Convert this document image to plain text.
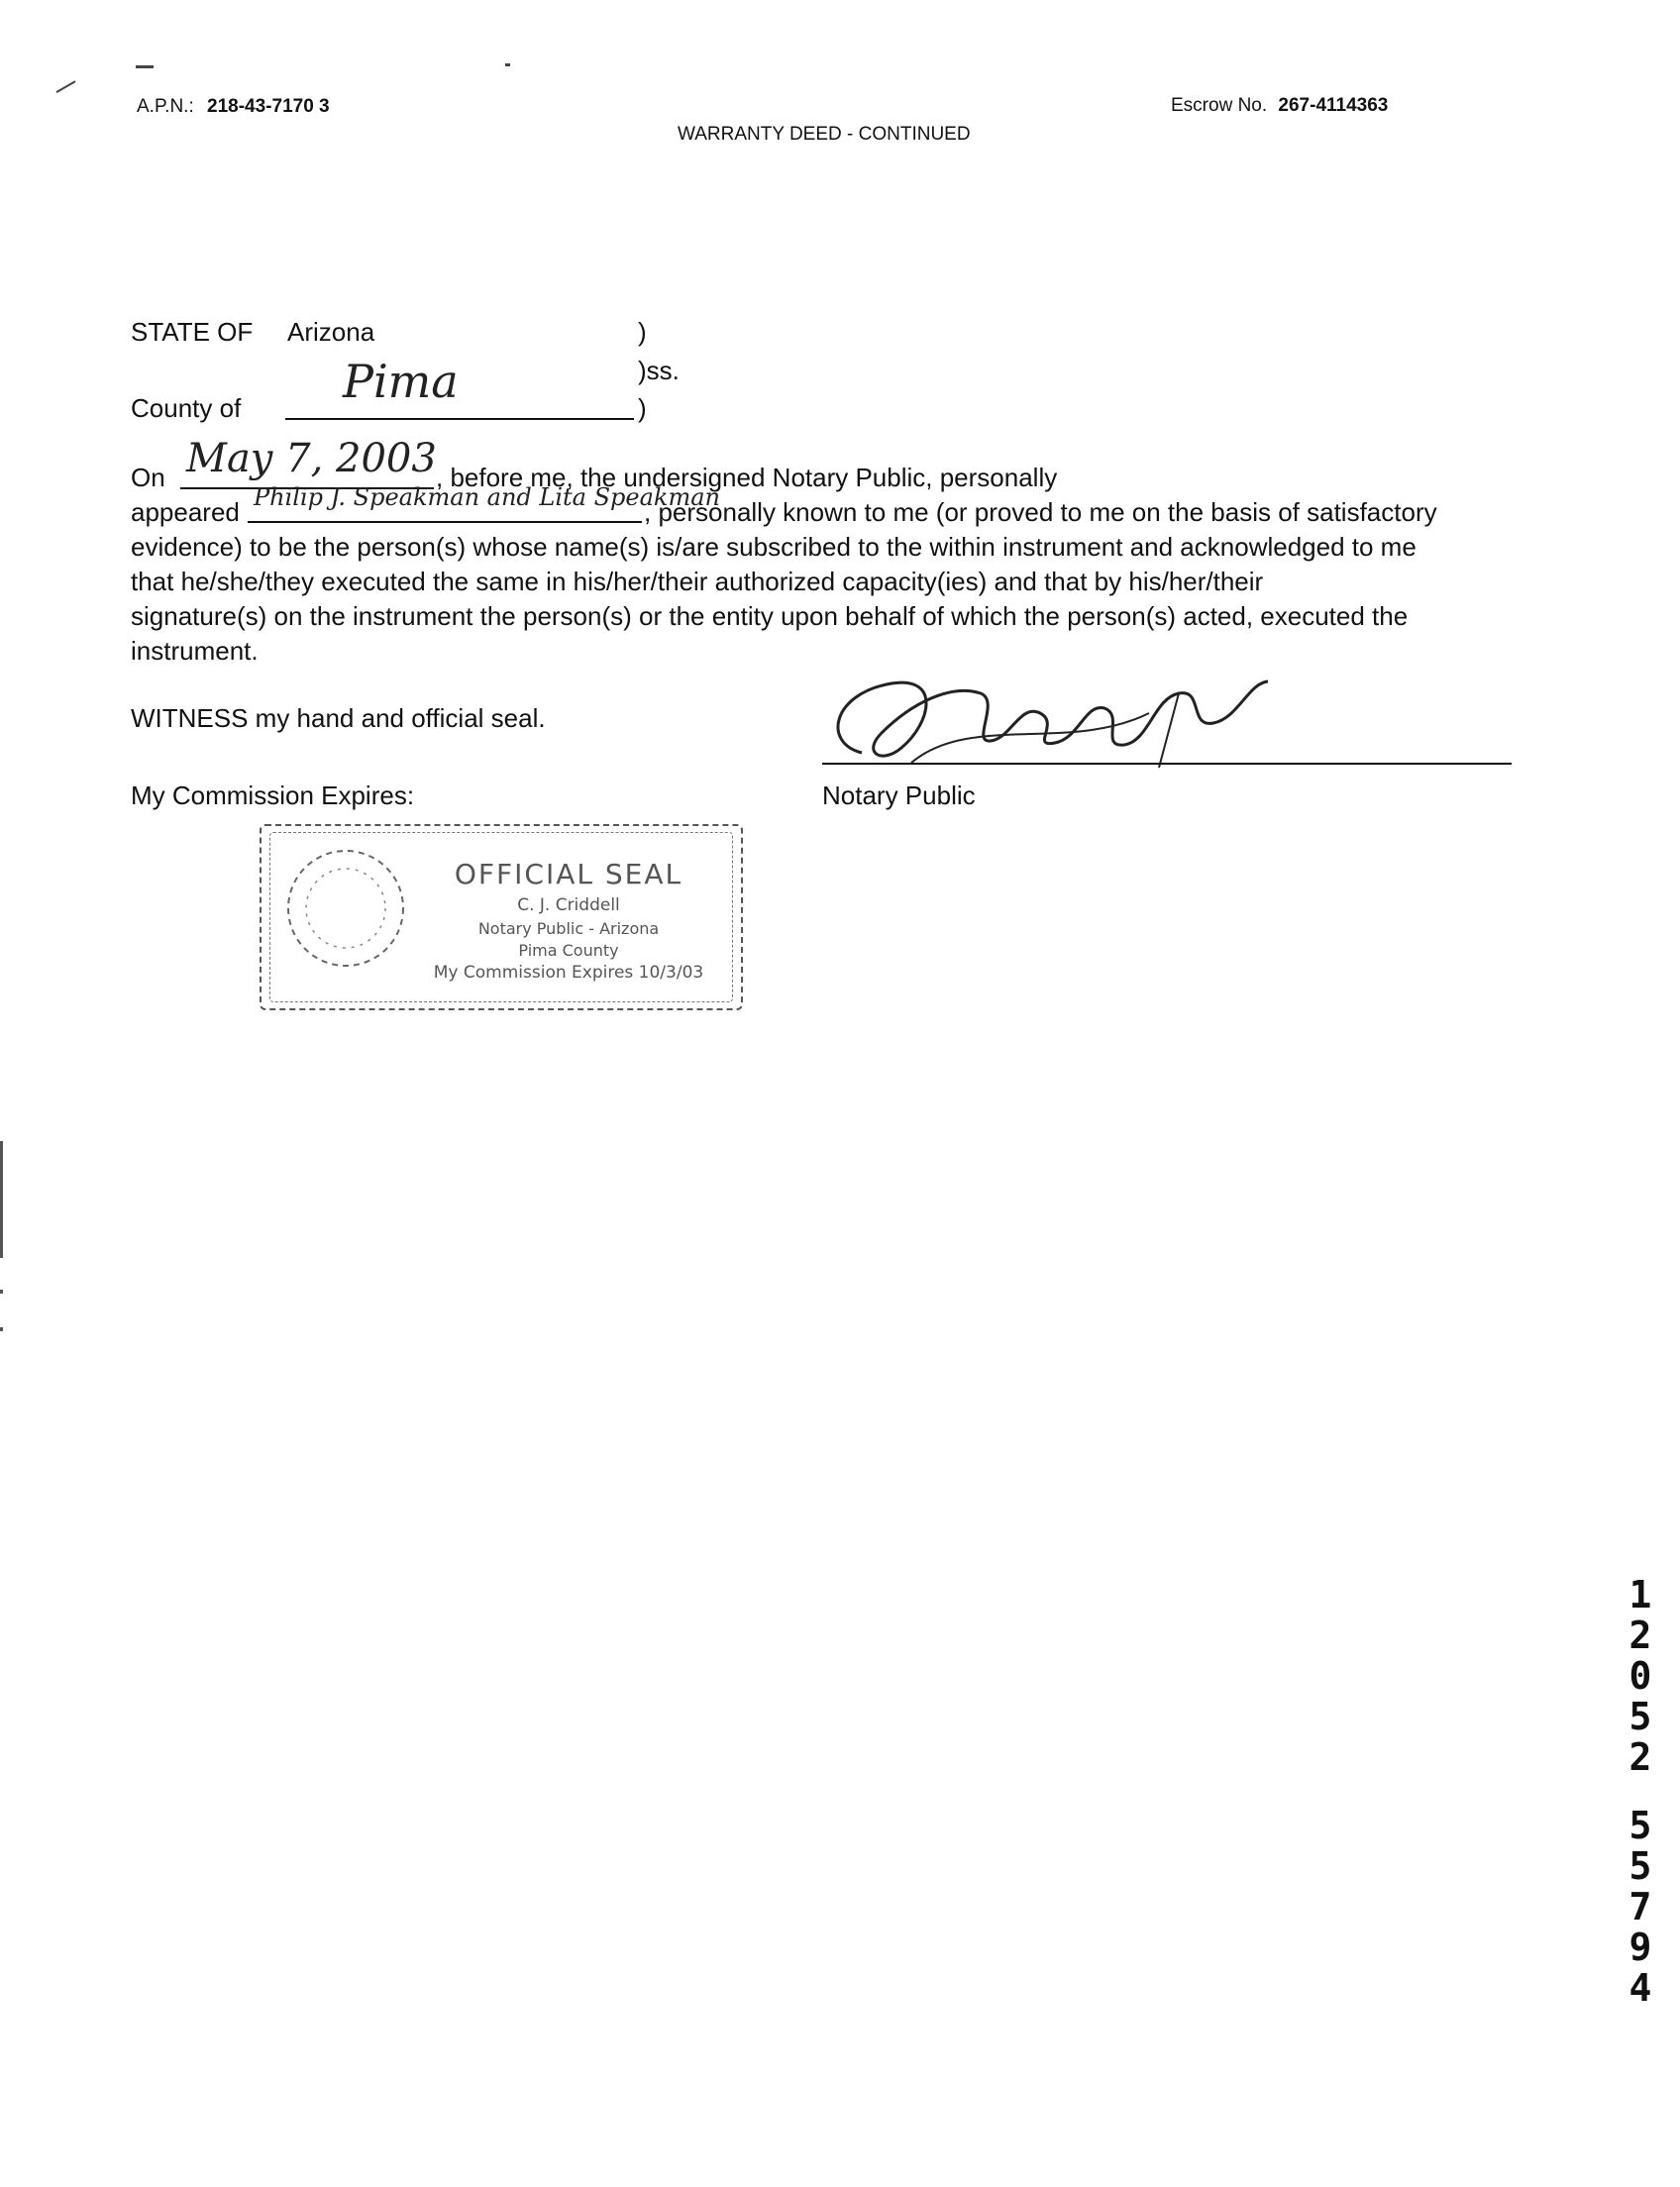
A.P.N.: 218-43-7170 3
WARRANTY DEED - CONTINUED
Escrow No. 267-4114363
STATE OF Arizona	)
)ss.
County of Pima	)
On May 7, 2003 , before me, the undersigned Notary Public, personally
appeared Philip J. Speakman and Lita Speakman
, personally known to me (or proved to me on the basis of satisfactory
evidence) to be the person(s) whose name(s) is/are subscribed to the within instrument and acknowledged to me
that he/she/they executed the same in his/her/their authorized capacity(ies) and that by his/her/their
signature(s) on the instrument the person(s) or the entity upon behalf of which the person(s) acted, executed the
instrument.
WITNESS my hand and official seal.
My Commission Expires:	Notary Public
OFFICIAL SEAL
C. J. Criddell
Notary Public - Arizona
Pima County
My Commission Expires 10/3/03
1
2
0
5
2
5
5
7
9
4
